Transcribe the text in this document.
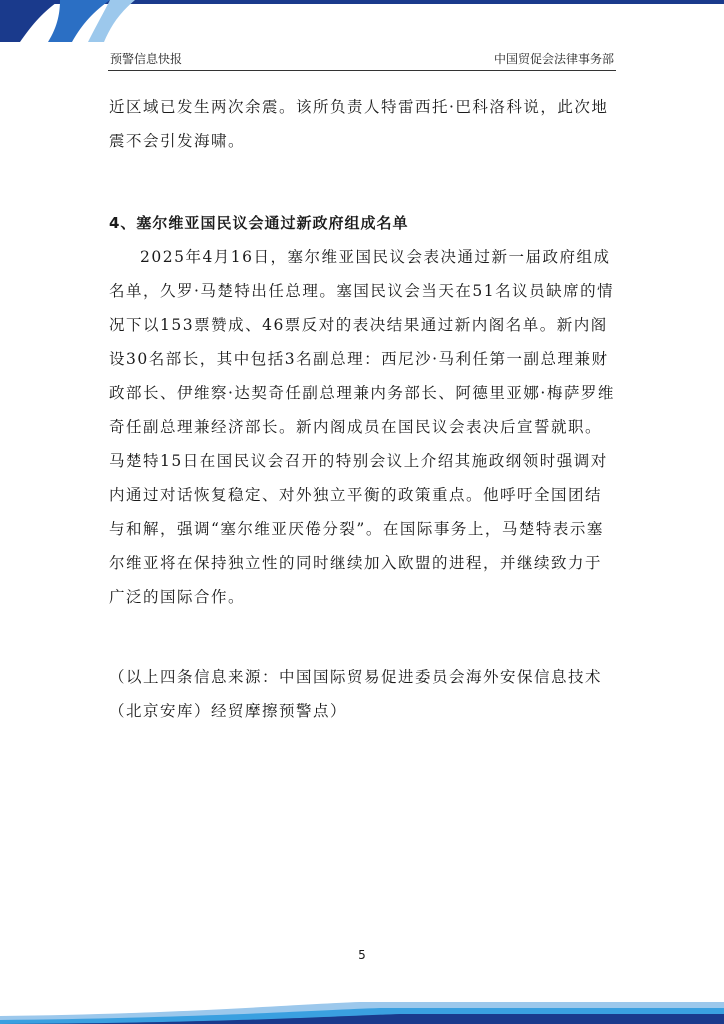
预警信息快报	中国贸促会法律事务部

近区域已发生两次余震。该所负责人特雷西托·巴科洛科说，此次地震不会引发海啸。

4、塞尔维亚国民议会通过新政府组成名单

2025年4月16日，塞尔维亚国民议会表决通过新一届政府组成名单，久罗·马楚特出任总理。塞国民议会当天在51名议员缺席的情况下以153票赞成、46票反对的表决结果通过新内阁名单。新内阁设30名部长，其中包括3名副总理：西尼沙·马利任第一副总理兼财政部长、伊维察·达契奇任副总理兼内务部长、阿德里亚娜·梅萨罗维奇任副总理兼经济部长。新内阁成员在国民议会表决后宣誓就职。马楚特15日在国民议会召开的特别会议上介绍其施政纲领时强调对内通过对话恢复稳定、对外独立平衡的政策重点。他呼吁全国团结与和解，强调“塞尔维亚厌倦分裂”。在国际事务上，马楚特表示塞尔维亚将在保持独立性的同时继续加入欧盟的进程，并继续致力于广泛的国际合作。

（以上四条信息来源：中国国际贸易促进委员会海外安保信息技术（北京安库）经贸摩擦预警点）

5
